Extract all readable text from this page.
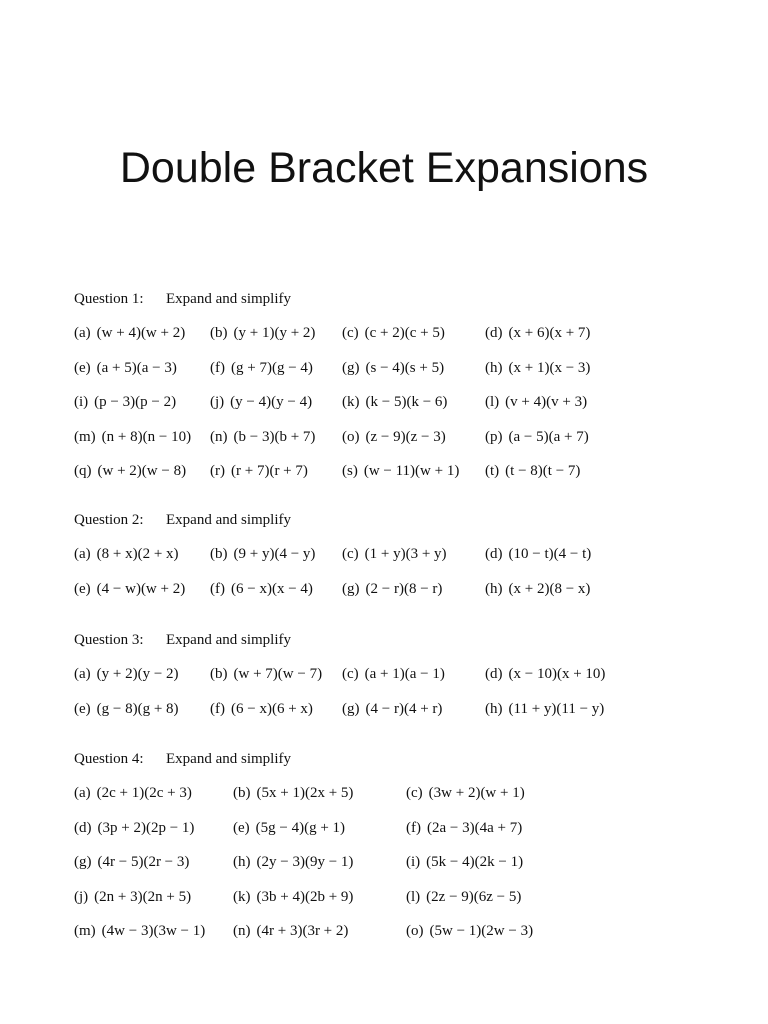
Double Bracket Expansions
Question 1: Expand and simplify
(a) (w + 4)(w + 2) (b) (y + 1)(y + 2) (c) (c + 2)(c + 5)	(d) (x + 6)(x + 7)
(e) (a + 5)(a − 3) (f) (g + 7)(g − 4) (g) (s − 4)(s + 5)	(h) (x + 1)(x − 3)
(i) (p − 3)(p − 2) (j) (y − 4)(y − 4) (k) (k − 5)(k − 6)	(l) (v + 4)(v + 3)
(m) (n + 8)(n − 10) (n) (b − 3)(b + 7) (o) (z − 9)(z − 3)	(p) (a − 5)(a + 7)
(q) (w + 2)(w − 8) (r) (r + 7)(r + 7) (s) (w − 11)(w + 1) (t) (t − 8)(t − 7)
Question 2: Expand and simplify
(a) (8 + x)(2 + x) (b) (9 + y)(4 − y) (c) (1 + y)(3 + y)	(d) (10 − t)(4 − t)
(e) (4 − w)(w + 2) (f) (6 − x)(x − 4) (g) (2 − r)(8 − r)	(h) (x + 2)(8 − x)
Question 3: Expand and simplify
(a) (y + 2)(y − 2) (b) (w + 7)(w − 7) (c) (a + 1)(a − 1)	(d) (x − 10)(x + 10)
(e) (g − 8)(g + 8) (f) (6 − x)(6 + x) (g) (4 − r)(4 + r)	(h) (11 + y)(11 − y)
Question 4: Expand and simplify
(a) (2c + 1)(2c + 3)	(b) (5x + 1)(2x + 5)	(c) (3w + 2)(w + 1)
(d) (3p + 2)(2p − 1)	(e) (5g − 4)(g + 1)	(f) (2a − 3)(4a + 7)
(g) (4r − 5)(2r − 3)	(h) (2y − 3)(9y − 1)	(i) (5k − 4)(2k − 1)
(j) (2n + 3)(2n + 5)	(k) (3b + 4)(2b + 9)	(l) (2z − 9)(6z − 5)
(m) (4w − 3)(3w − 1) (n) (4r + 3)(3r + 2)	(o) (5w − 1)(2w − 3)
